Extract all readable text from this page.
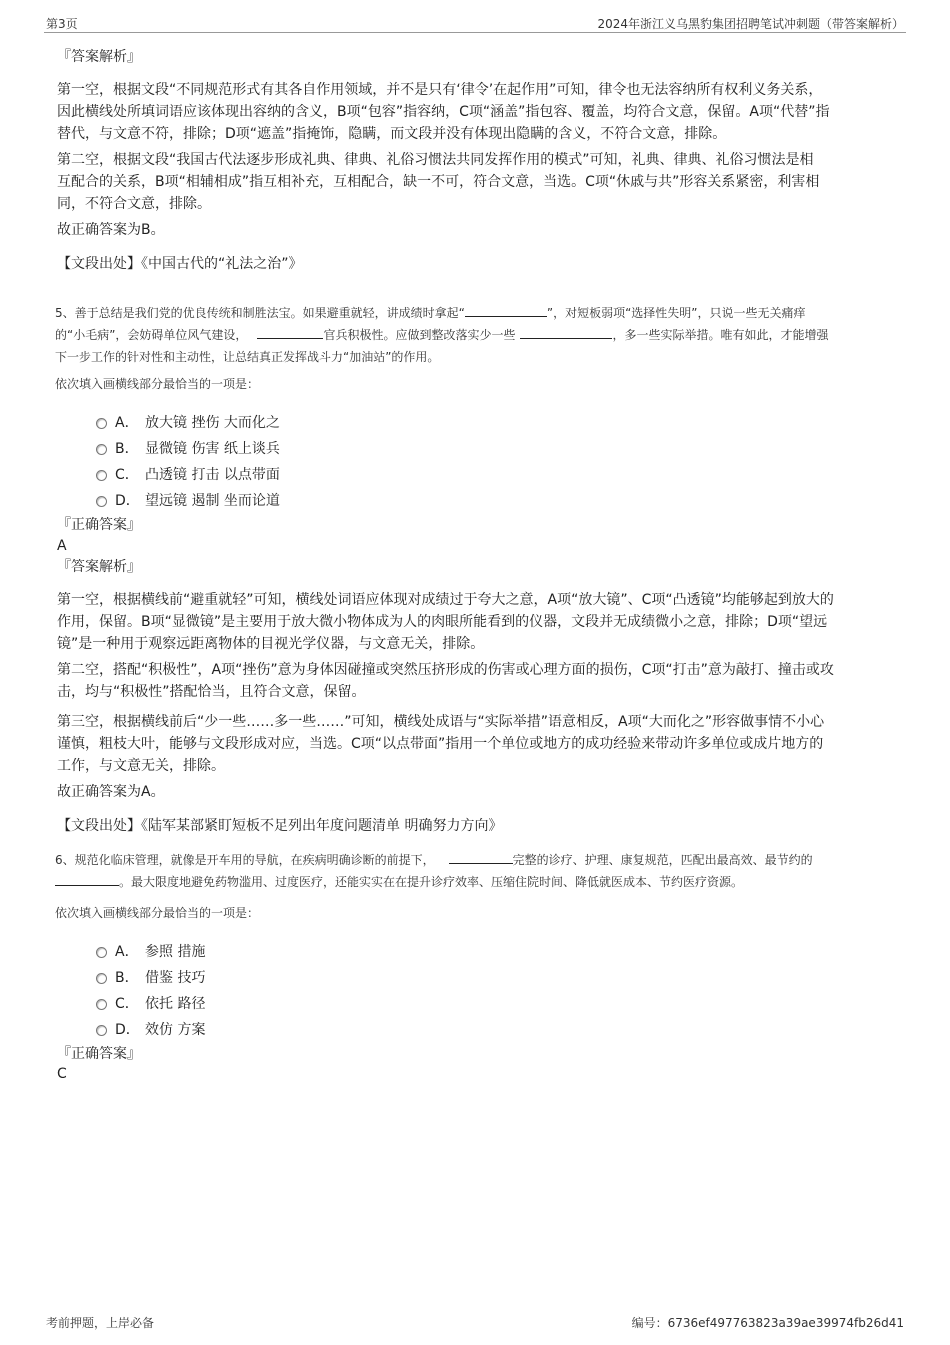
第3页	2024年浙江义乌黑豹集团招聘笔试冲刺题（带答案解析）
『答案解析』
第一空，根据文段“不同规范形式有其各自作用领域，并不是只有‘律令’在起作用”可知，律令也无法容纳所有权利义务关系，
因此横线处所填词语应该体现出容纳的含义，B项“包容”指容纳，C项“涵盖”指包容、覆盖，均符合文意，保留。A项“代替”指
替代，与文意不符，排除；D项“遮盖”指掩饰，隐瞒，而文段并没有体现出隐瞒的含义，不符合文意，排除。
第二空，根据文段“我国古代法逐步形成礼典、律典、礼俗习惯法共同发挥作用的模式”可知，礼典、律典、礼俗习惯法是相
互配合的关系，B项“相辅相成”指互相补充，互相配合，缺一不可，符合文意，当选。C项“休戚与共”形容关系紧密，利害相
同，不符合文意，排除。
故正确答案为B。
【文段出处】《中国古代的“礼法之治”》
5、善于总结是我们党的优良传统和制胜法宝。如果避重就轻，讲成绩时拿起“	”，对短板弱项“选择性失明”，只说一些无关痛痒
的“小毛病”，会妨碍单位风气建设，	官兵积极性。应做到整改落实少一些	，多一些实际举措。唯有如此，才能增强
下一步工作的针对性和主动性，让总结真正发挥战斗力“加油站”的作用。
依次填入画横线部分最恰当的一项是：
A． 放大镜 挫伤 大而化之
B． 显微镜 伤害 纸上谈兵
C． 凸透镜 打击 以点带面
D． 望远镜 遏制 坐而论道
『正确答案』
A
『答案解析』
第一空，根据横线前“避重就轻”可知，横线处词语应体现对成绩过于夸大之意，A项“放大镜”、C项“凸透镜”均能够起到放大的
作用，保留。B项“显微镜”是主要用于放大微小物体成为人的肉眼所能看到的仪器，文段并无成绩微小之意，排除；D项“望远
镜”是一种用于观察远距离物体的目视光学仪器，与文意无关，排除。
第二空，搭配“积极性”，A项“挫伤”意为身体因碰撞或突然压挤形成的伤害或心理方面的损伤，C项“打击”意为敲打、撞击或攻
击，均与“积极性”搭配恰当，且符合文意，保留。
第三空，根据横线前后“少一些……多一些……”可知，横线处成语与“实际举措”语意相反，A项“大而化之”形容做事情不小心
谨慎，粗枝大叶，能够与文段形成对应，当选。C项“以点带面”指用一个单位或地方的成功经验来带动许多单位或成片地方的
工作，与文意无关，排除。
故正确答案为A。
【文段出处】《陆军某部紧盯短板不足列出年度问题清单 明确努力方向》
6、规范化临床管理，就像是开车用的导航，在疾病明确诊断的前提下，	完整的诊疗、护理、康复规范，匹配出最高效、最节约的
。最大限度地避免药物滥用、过度医疗，还能实实在在提升诊疗效率、压缩住院时间、降低就医成本、节约医疗资源。
依次填入画横线部分最恰当的一项是：
A． 参照 措施
B． 借鉴 技巧
C． 依托 路径
D． 效仿 方案
『正确答案』
C
考前押题，上岸必备	编号：6736ef497763823a39ae39974fb26d41
